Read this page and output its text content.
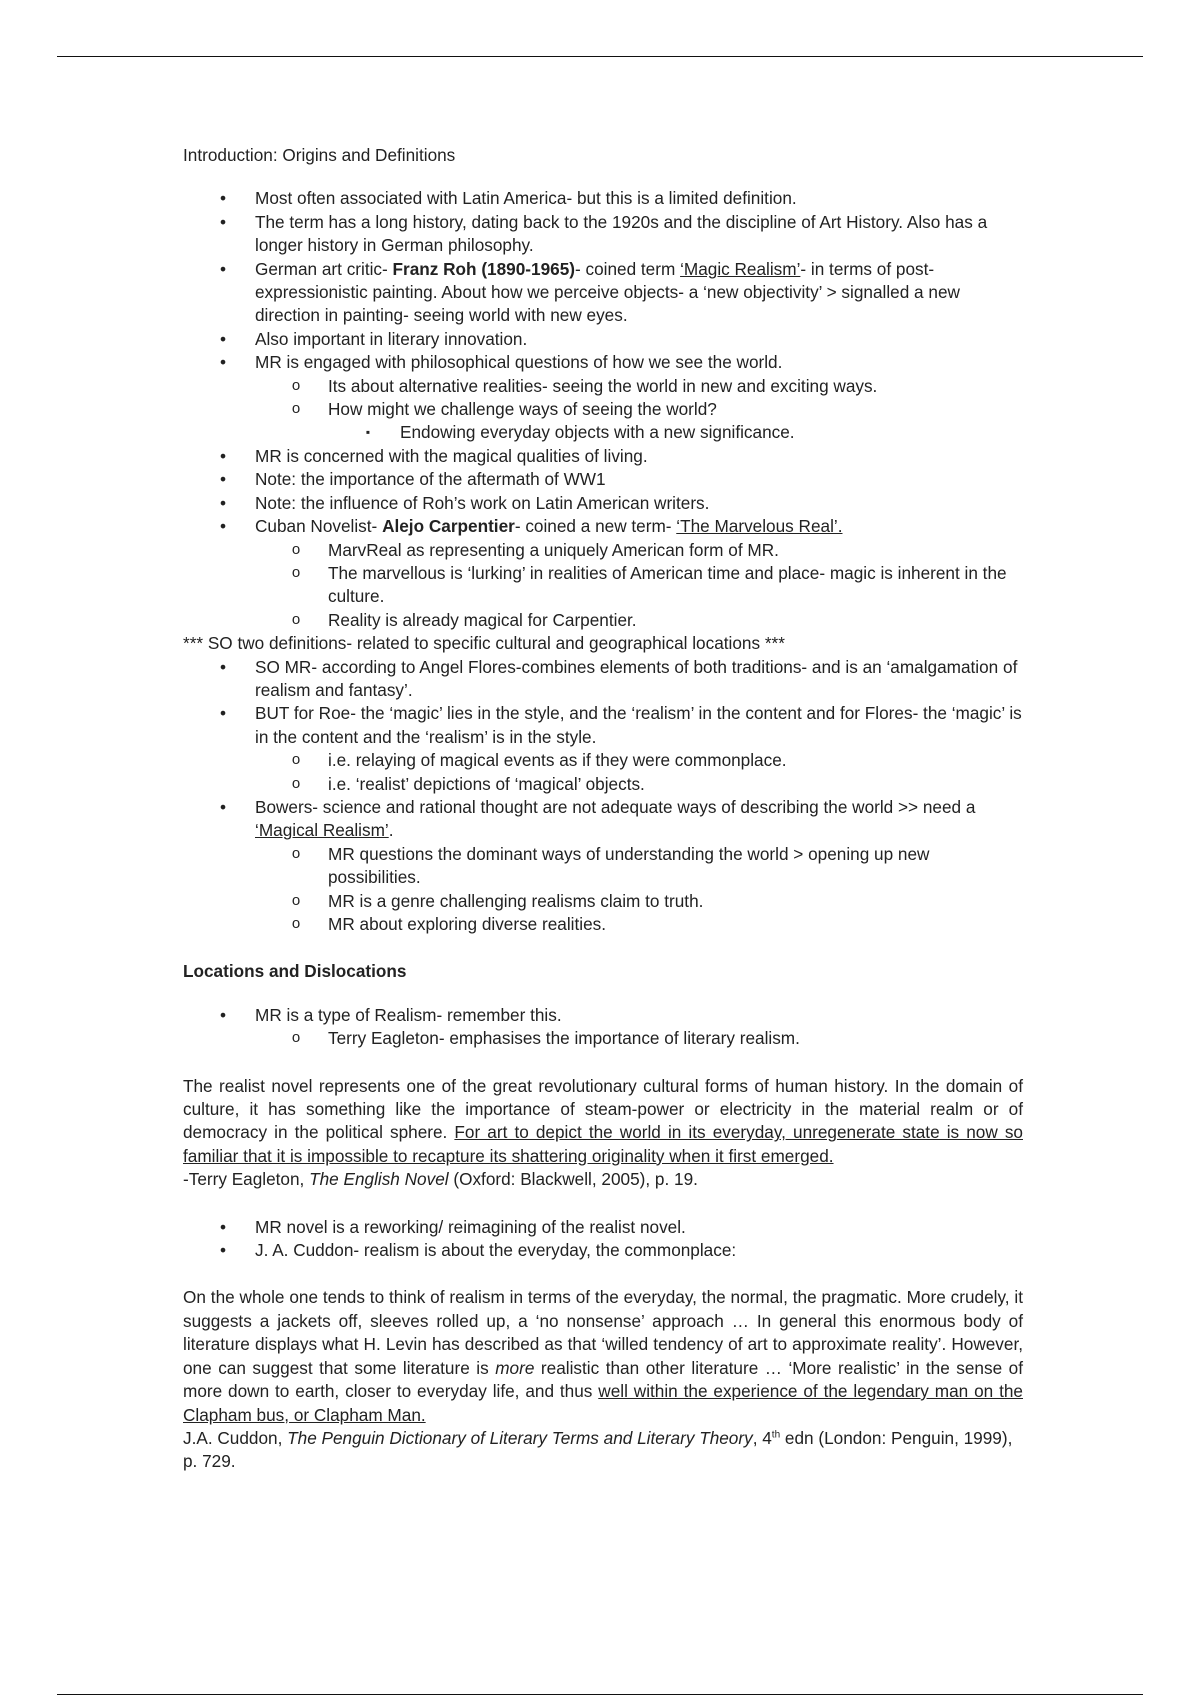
Introduction: Origins and Definitions

• Most often associated with Latin America- but this is a limited definition.
• The term has a long history, dating back to the 1920s and the discipline of Art History. Also has a longer history in German philosophy.
• German art critic- Franz Roh (1890-1965)- coined term ‘Magic Realism’- in terms of post-expressionistic painting. About how we perceive objects- a ‘new objectivity’ > signalled a new direction in painting- seeing world with new eyes.
• Also important in literary innovation.
• MR is engaged with philosophical questions of how we see the world.
o Its about alternative realities- seeing the world in new and exciting ways.
o How might we challenge ways of seeing the world?
▪ Endowing everyday objects with a new significance.
• MR is concerned with the magical qualities of living.
• Note: the importance of the aftermath of WW1
• Note: the influence of Roh’s work on Latin American writers.
• Cuban Novelist- Alejo Carpentier- coined a new term- ‘The Marvelous Real’.
o MarvReal as representing a uniquely American form of MR.
o The marvellous is ‘lurking’ in realities of American time and place- magic is inherent in the culture.
o Reality is already magical for Carpentier.

*** SO two definitions- related to specific cultural and geographical locations ***

• SO MR- according to Angel Flores-combines elements of both traditions- and is an ‘amalgamation of realism and fantasy’.
• BUT for Roe- the ‘magic’ lies in the style, and the ‘realism’ in the content and for Flores- the ‘magic’ is in the content and the ‘realism’ is in the style.
o i.e. relaying of magical events as if they were commonplace.
o i.e. ‘realist’ depictions of ‘magical’ objects.
• Bowers- science and rational thought are not adequate ways of describing the world >> need a ‘Magical Realism’.
o MR questions the dominant ways of understanding the world > opening up new possibilities.
o MR is a genre challenging realisms claim to truth.
o MR about exploring diverse realities.

Locations and Dislocations

• MR is a type of Realism- remember this.
o Terry Eagleton- emphasises the importance of literary realism.

The realist novel represents one of the great revolutionary cultural forms of human history. In the domain of culture, it has something like the importance of steam-power or electricity in the material realm or of democracy in the political sphere. For art to depict the world in its everyday, unregenerate state is now so familiar that it is impossible to recapture its shattering originality when it first emerged.

-Terry Eagleton, The English Novel (Oxford: Blackwell, 2005), p. 19.

• MR novel is a reworking/ reimagining of the realist novel.
• J. A. Cuddon- realism is about the everyday, the commonplace:

On the whole one tends to think of realism in terms of the everyday, the normal, the pragmatic. More crudely, it suggests a jackets off, sleeves rolled up, a ‘no nonsense’ approach … In general this enormous body of literature displays what H. Levin has described as that ‘willed tendency of art to approximate reality’. However, one can suggest that some literature is more realistic than other literature … ‘More realistic’ in the sense of more down to earth, closer to everyday life, and thus well within the experience of the legendary man on the Clapham bus, or Clapham Man.

J.A. Cuddon, The Penguin Dictionary of Literary Terms and Literary Theory, 4th edn (London: Penguin, 1999), p. 729.
